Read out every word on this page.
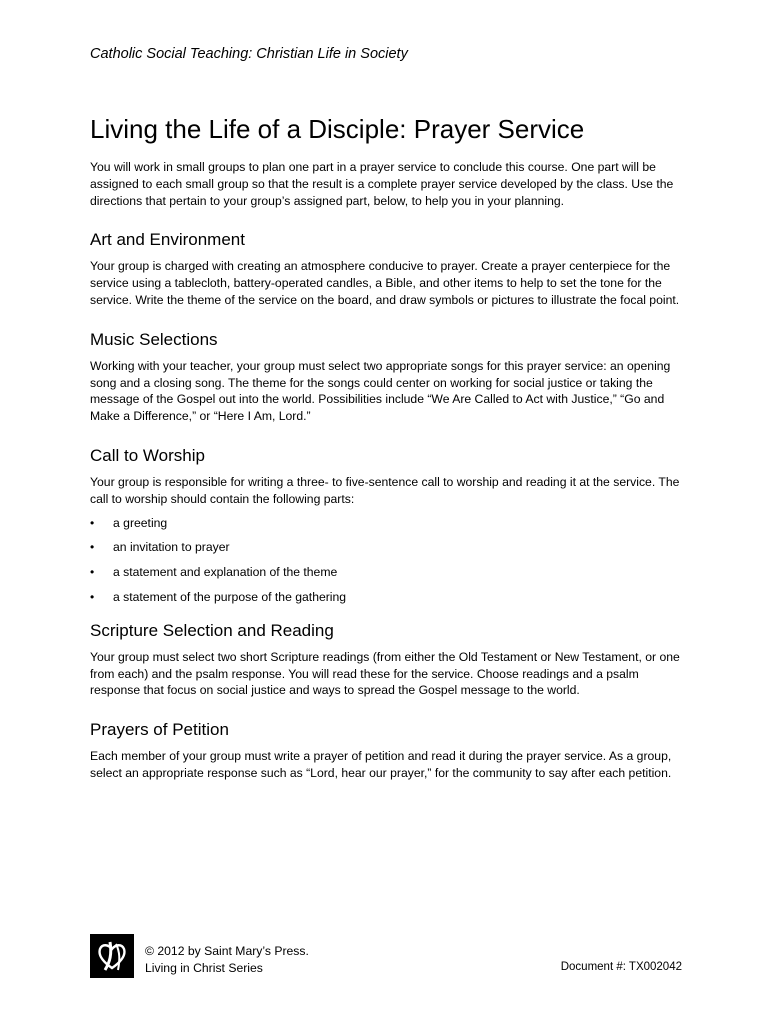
Catholic Social Teaching: Christian Life in Society
Living the Life of a Disciple: Prayer Service

You will work in small groups to plan one part in a prayer service to conclude this course. One part will be assigned to each small group so that the result is a complete prayer service developed by the class. Use the directions that pertain to your group’s assigned part, below, to help you in your planning.

Art and Environment

Your group is charged with creating an atmosphere conducive to prayer. Create a prayer centerpiece for the service using a tablecloth, battery-operated candles, a Bible, and other items to help to set the tone for the service. Write the theme of the service on the board, and draw symbols or pictures to illustrate the focal point.

Music Selections

Working with your teacher, your group must select two appropriate songs for this prayer service: an opening song and a closing song. The theme for the songs could center on working for social justice or taking the message of the Gospel out into the world. Possibilities include “We Are Called to Act with Justice,” “Go and Make a Difference,” or “Here I Am, Lord.”

Call to Worship

Your group is responsible for writing a three- to five-sentence call to worship and reading it at the service. The call to worship should contain the following parts:

• a greeting
• an invitation to prayer
• a statement and explanation of the theme
• a statement of the purpose of the gathering
Scripture Selection and Reading

Your group must select two short Scripture readings (from either the Old Testament or New Testament, or one from each) and the psalm response. You will read these for the service. Choose readings and a psalm response that focus on social justice and ways to spread the Gospel message to the world.

Prayers of Petition

Each member of your group must write a prayer of petition and read it during the prayer service. As a group, select an appropriate response such as “Lord, hear our prayer,” for the community to say after each petition.

© 2012 by Saint Mary’s Press.
Living in Christ Series	Document #: TX002042
